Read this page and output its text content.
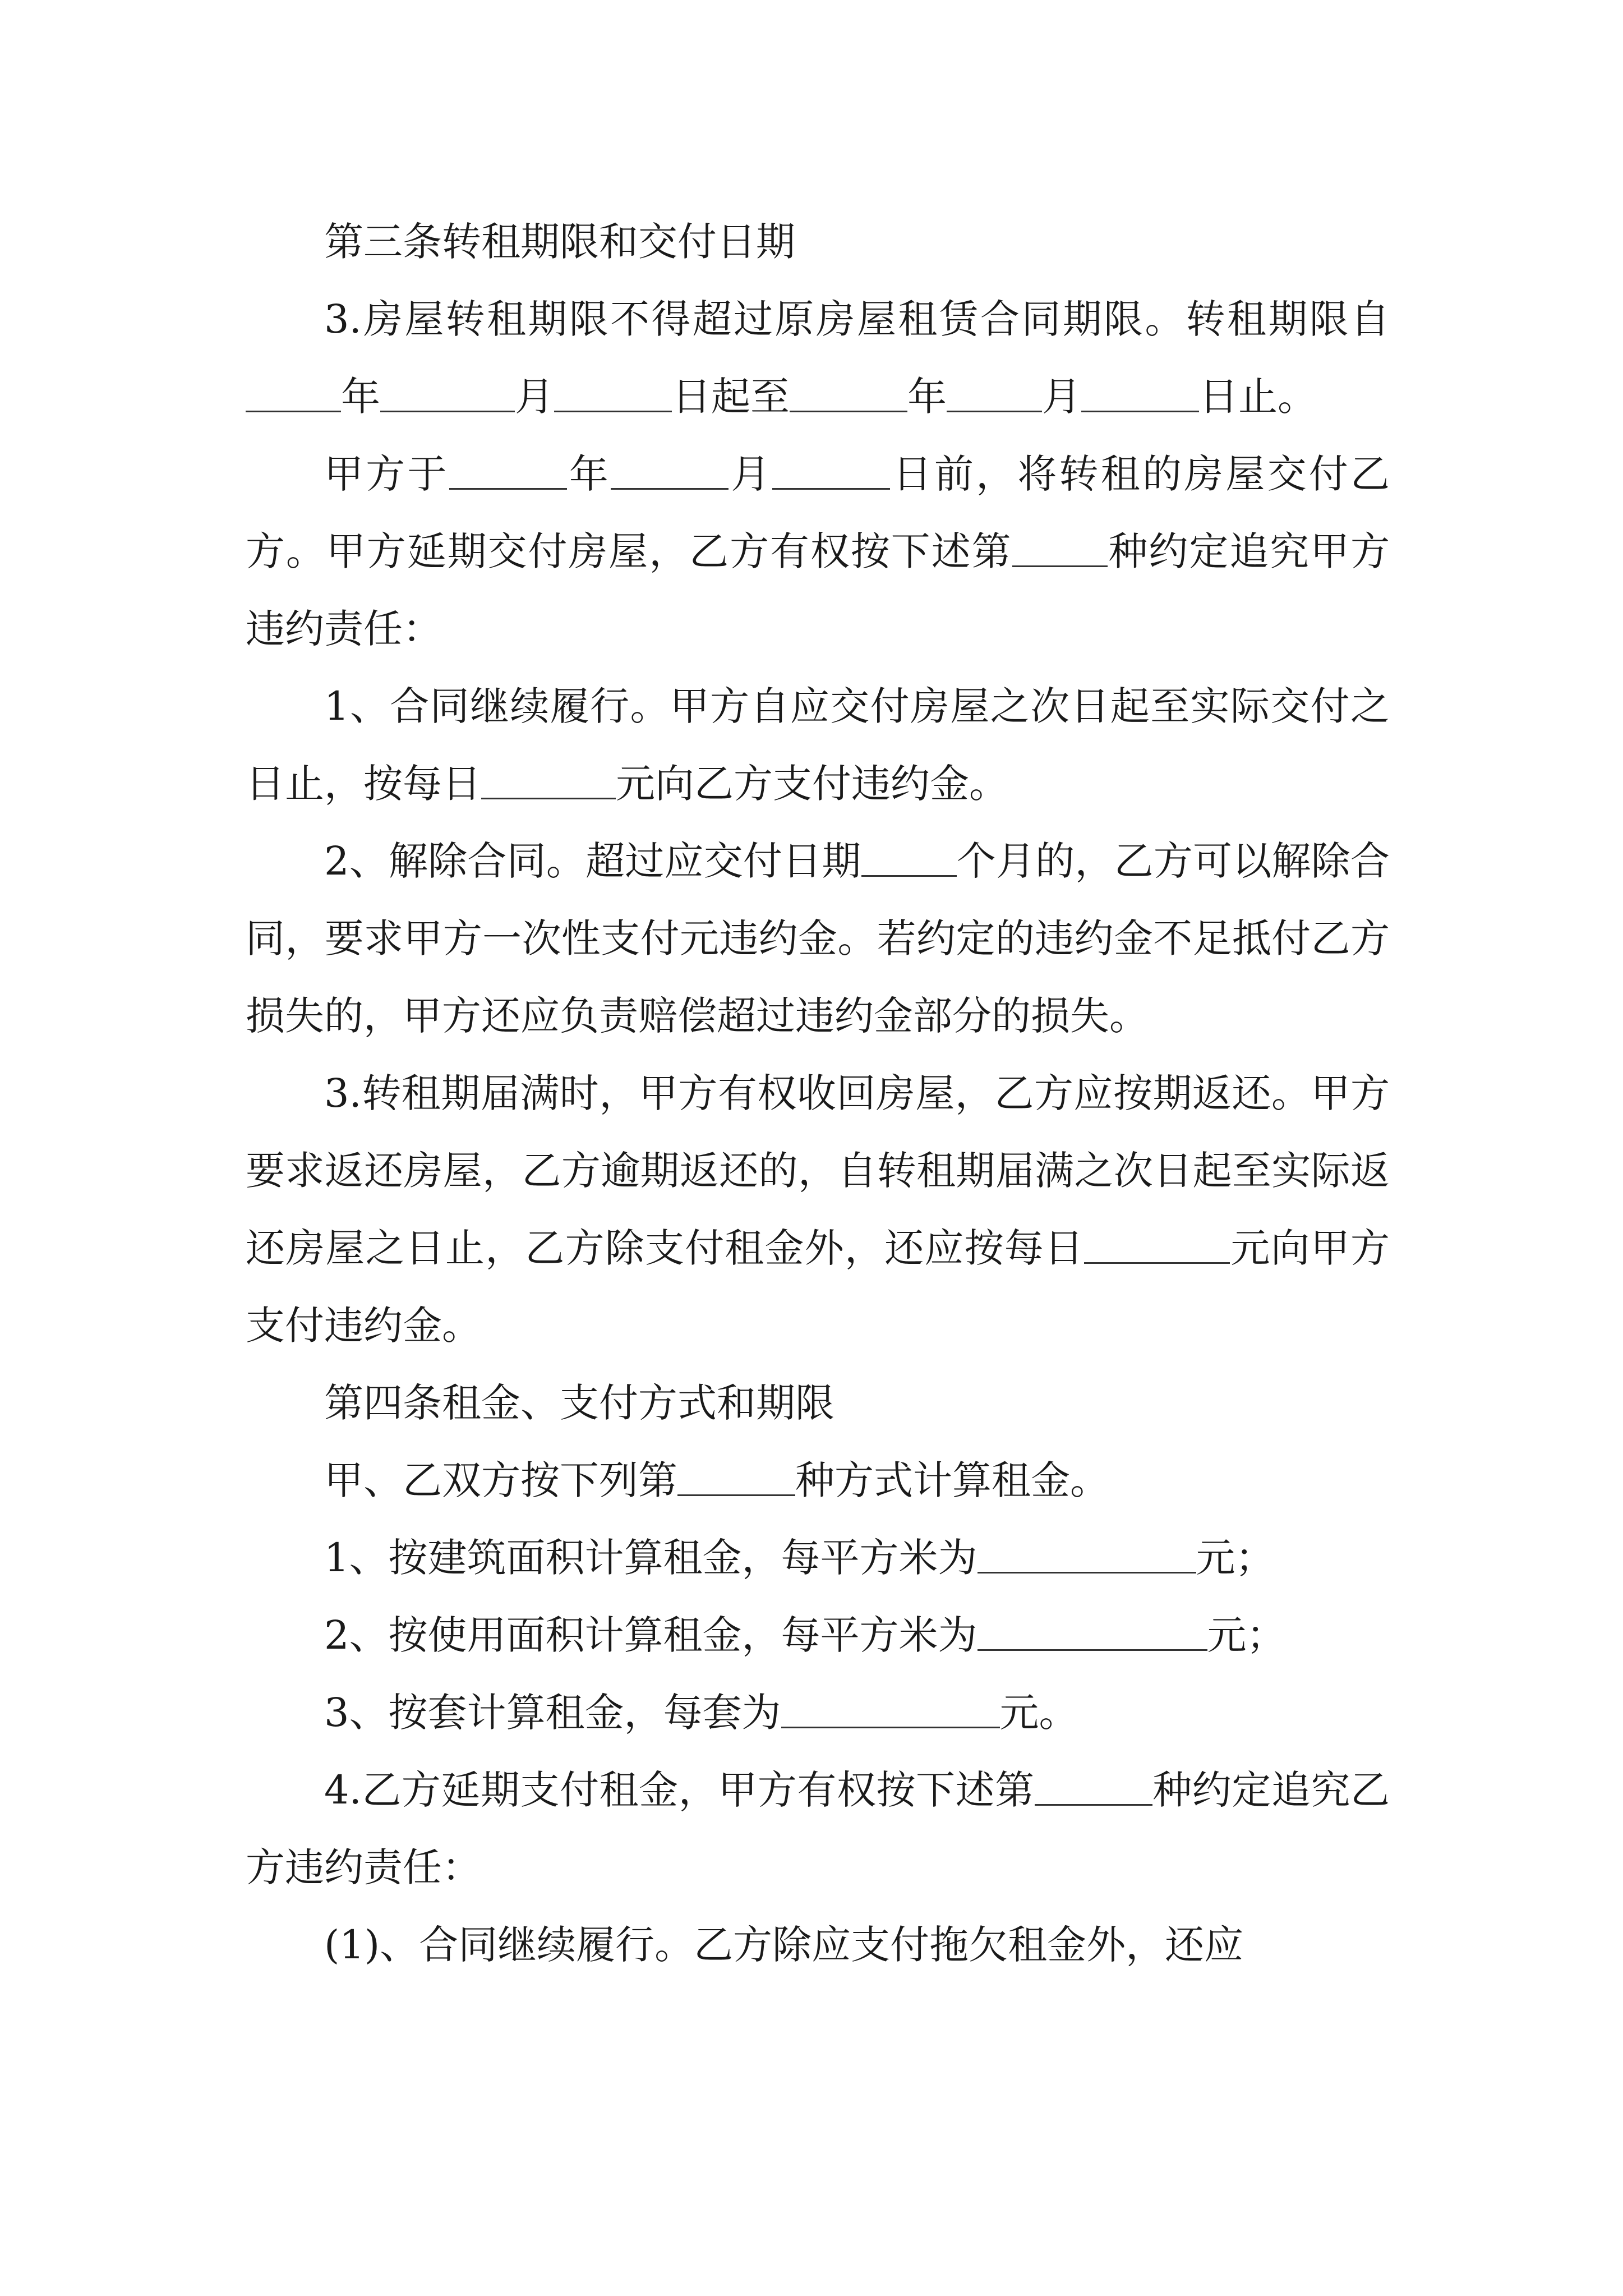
第三条转租期限和交付日期

3.房屋转租期限不得超过原房屋租赁合同期限。转租期限自年	月	日起至	年 月	日止。

甲方于	年	月	日前，将转租的房屋交付乙方。甲方延期交付房屋，乙方有权按下述第 种约定追究甲方违约责任：

1、合同继续履行。甲方自应交付房屋之次日起至实际交付之日止，按每日	元向乙方支付违约金。

2、解除合同。超过应交付日期 个月的，乙方可以解除合同，要求甲方一次性支付元违约金。若约定的违约金不足抵付乙方损失的，甲方还应负责赔偿超过违约金部分的损失。

3.转租期届满时，甲方有权收回房屋，乙方应按期返还。甲方要求返还房屋，乙方逾期返还的，自转租期届满之次日起至实际返还房屋之日止，乙方除支付租金外，还应按每日	元向甲方支付违约金。

第四条租金、支付方式和期限

甲、乙双方按下列第	种方式计算租金。

1、按建筑面积计算租金，每平方米为	元；

2、按使用面积计算租金，每平方米为	元；

3、按套计算租金，每套为	元。

4.乙方延期支付租金，甲方有权按下述第	种约定追究乙方违约责任：

(1)、合同继续履行。乙方除应支付拖欠租金外，还应
